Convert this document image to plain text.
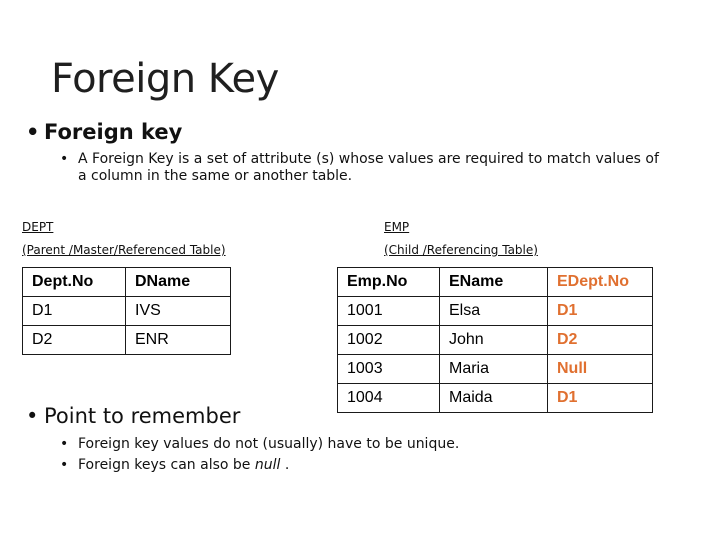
Foreign Key
• Foreign key
• A Foreign Key is a set of attribute (s) whose values are required to match values of a column in the same or another table.
DEPT
(Parent /Master/Referenced Table)
EMP
(Child /Referencing Table)
Dept.No	DName
D1	IVS
D2	ENR
Emp.No	EName	EDept.No
1001	Elsa	D1
1002	John	D2
1003	Maria	Null
1004	Maida	D1
• Point to remember
• Foreign key values do not (usually) have to be unique.
• Foreign keys can also be null .
